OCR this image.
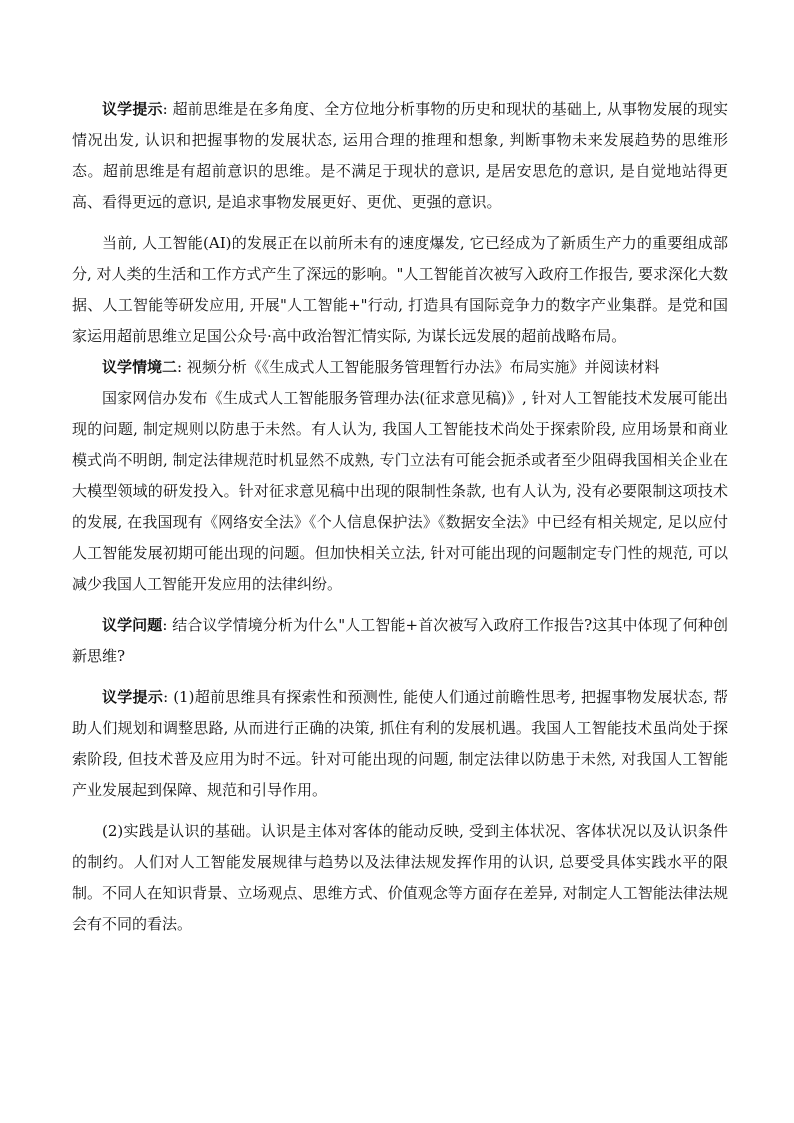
议学提示: 超前思维是在多角度、全方位地分析事物的历史和现状的基础上, 从事物发展的现实情况出发, 认识和把握事物的发展状态, 运用合理的推理和想象, 判断事物未来发展趋势的思维形态。超前思维是有超前意识的思维。是不满足于现状的意识, 是居安思危的意识, 是自觉地站得更高、看得更远的意识, 是追求事物发展更好、更优、更强的意识。

当前, 人工智能(AI)的发展正在以前所未有的速度爆发, 它已经成为了新质生产力的重要组成部分, 对人类的生活和工作方式产生了深远的影响。"人工智能首次被写入政府工作报告, 要求深化大数据、人工智能等研发应用, 开展"人工智能+"行动, 打造具有国际竞争力的数字产业集群。是党和国家运用超前思维立足国公众号·高中政治智汇情实际, 为谋长远发展的超前战略布局。

议学情境二: 视频分析《《生成式人工智能服务管理暂行办法》布局实施》并阅读材料

国家网信办发布《生成式人工智能服务管理办法(征求意见稿)》, 针对人工智能技术发展可能出现的问题, 制定规则以防患于未然。有人认为, 我国人工智能技术尚处于探索阶段, 应用场景和商业模式尚不明朗, 制定法律规范时机显然不成熟, 专门立法有可能会扼杀或者至少阻碍我国相关企业在大模型领域的研发投入。针对征求意见稿中出现的限制性条款, 也有人认为, 没有必要限制这项技术的发展, 在我国现有《网络安全法》《个人信息保护法》《数据安全法》中已经有相关规定, 足以应付人工智能发展初期可能出现的问题。但加快相关立法, 针对可能出现的问题制定专门性的规范, 可以减少我国人工智能开发应用的法律纠纷。

议学问题: 结合议学情境分析为什么"人工智能+首次被写入政府工作报告?这其中体现了何种创新思维?

议学提示: (1)超前思维具有探索性和预测性, 能使人们通过前瞻性思考, 把握事物发展状态, 帮助人们规划和调整思路, 从而进行正确的决策, 抓住有利的发展机遇。我国人工智能技术虽尚处于探索阶段, 但技术普及应用为时不远。针对可能出现的问题, 制定法律以防患于未然, 对我国人工智能产业发展起到保障、规范和引导作用。

(2)实践是认识的基础。认识是主体对客体的能动反映, 受到主体状况、客体状况以及认识条件的制约。人们对人工智能发展规律与趋势以及法律法规发挥作用的认识, 总要受具体实践水平的限制。不同人在知识背景、立场观点、思维方式、价值观念等方面存在差异, 对制定人工智能法律法规会有不同的看法。
